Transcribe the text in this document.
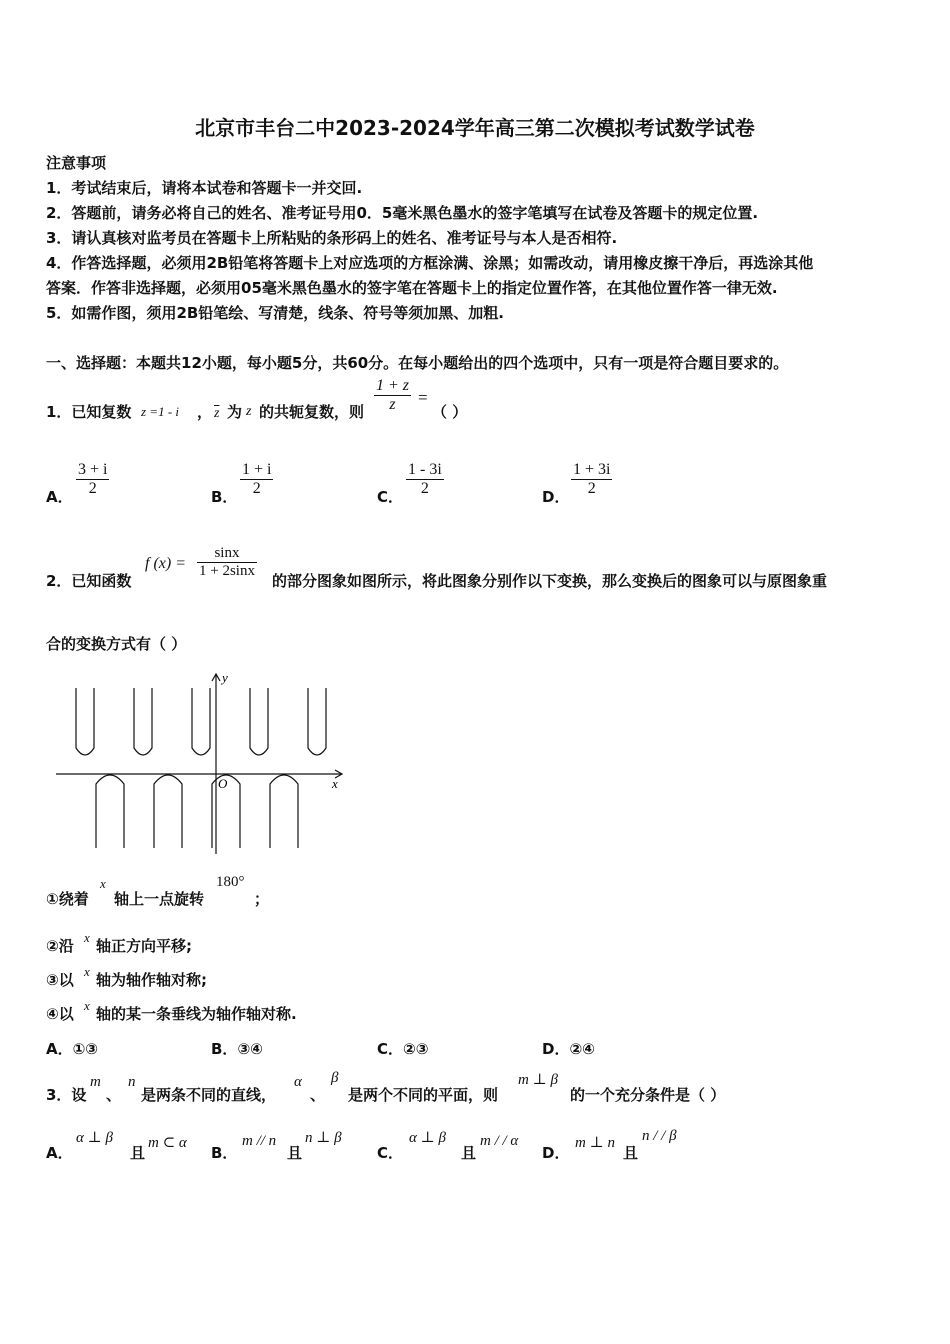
北京市丰台二中2023-2024学年高三第二次模拟考试数学试卷
注意事项
1．考试结束后，请将本试卷和答题卡一并交回.
2．答题前，请务必将自己的姓名、准考证号用0．5毫米黑色墨水的签字笔填写在试卷及答题卡的规定位置.
3．请认真核对监考员在答题卡上所粘贴的条形码上的姓名、准考证号与本人是否相符.
4．作答选择题，必须用2B铅笔将答题卡上对应选项的方框涂满、涂黑；如需改动，请用橡皮擦干净后，再选涂其他
答案．作答非选择题，必须用05毫米黑色墨水的签字笔在答题卡上的指定位置作答，在其他位置作答一律无效.
5．如需作图，须用2B铅笔绘、写清楚，线条、符号等须加黑、加粗.
一、选择题：本题共12小题，每小题5分，共60分。在每小题给出的四个选项中，只有一项是符合题目要求的。
1．已知复数 z =1 - i ， $\overline{z}$ 为 z 的共轭复数，则 $\frac{1 + z}{z}$ =
（ ）
A． $\frac{3 + i}{2}$	B． $\frac{1 + i}{2}$	C． $\frac{1 - 3i}{2}$	D． $\frac{1 + 3i}{2}$
2．已知函数
f $(x) = \frac{\sin x}{1 + 2\sin x}$
的部分图象如图所示，将此图象分别作以下变换，那么变换后的图象可以与原图象重
合的变换方式有（ ）
y
x
O
①绕着
x
轴上一点旋转
180°
；
②沿 x 轴正方向平移;
③以 x 轴为轴作轴对称;
④以 x 轴的某一条垂线为轴作轴对称.
A．①③	B．③④	C．②③	D．②④
3．设
m
、
n
是两条不同的直线，
α
、
β
是两个不同的平面，则
m ⊥ β
的一个充分条件是（ ）
A．
α ⊥ β
且
m ⊂ α
B．
m // n
且
n ⊥ β
C．
α ⊥ β
且
m / / α
D．
m ⊥ n
且
n / / β
